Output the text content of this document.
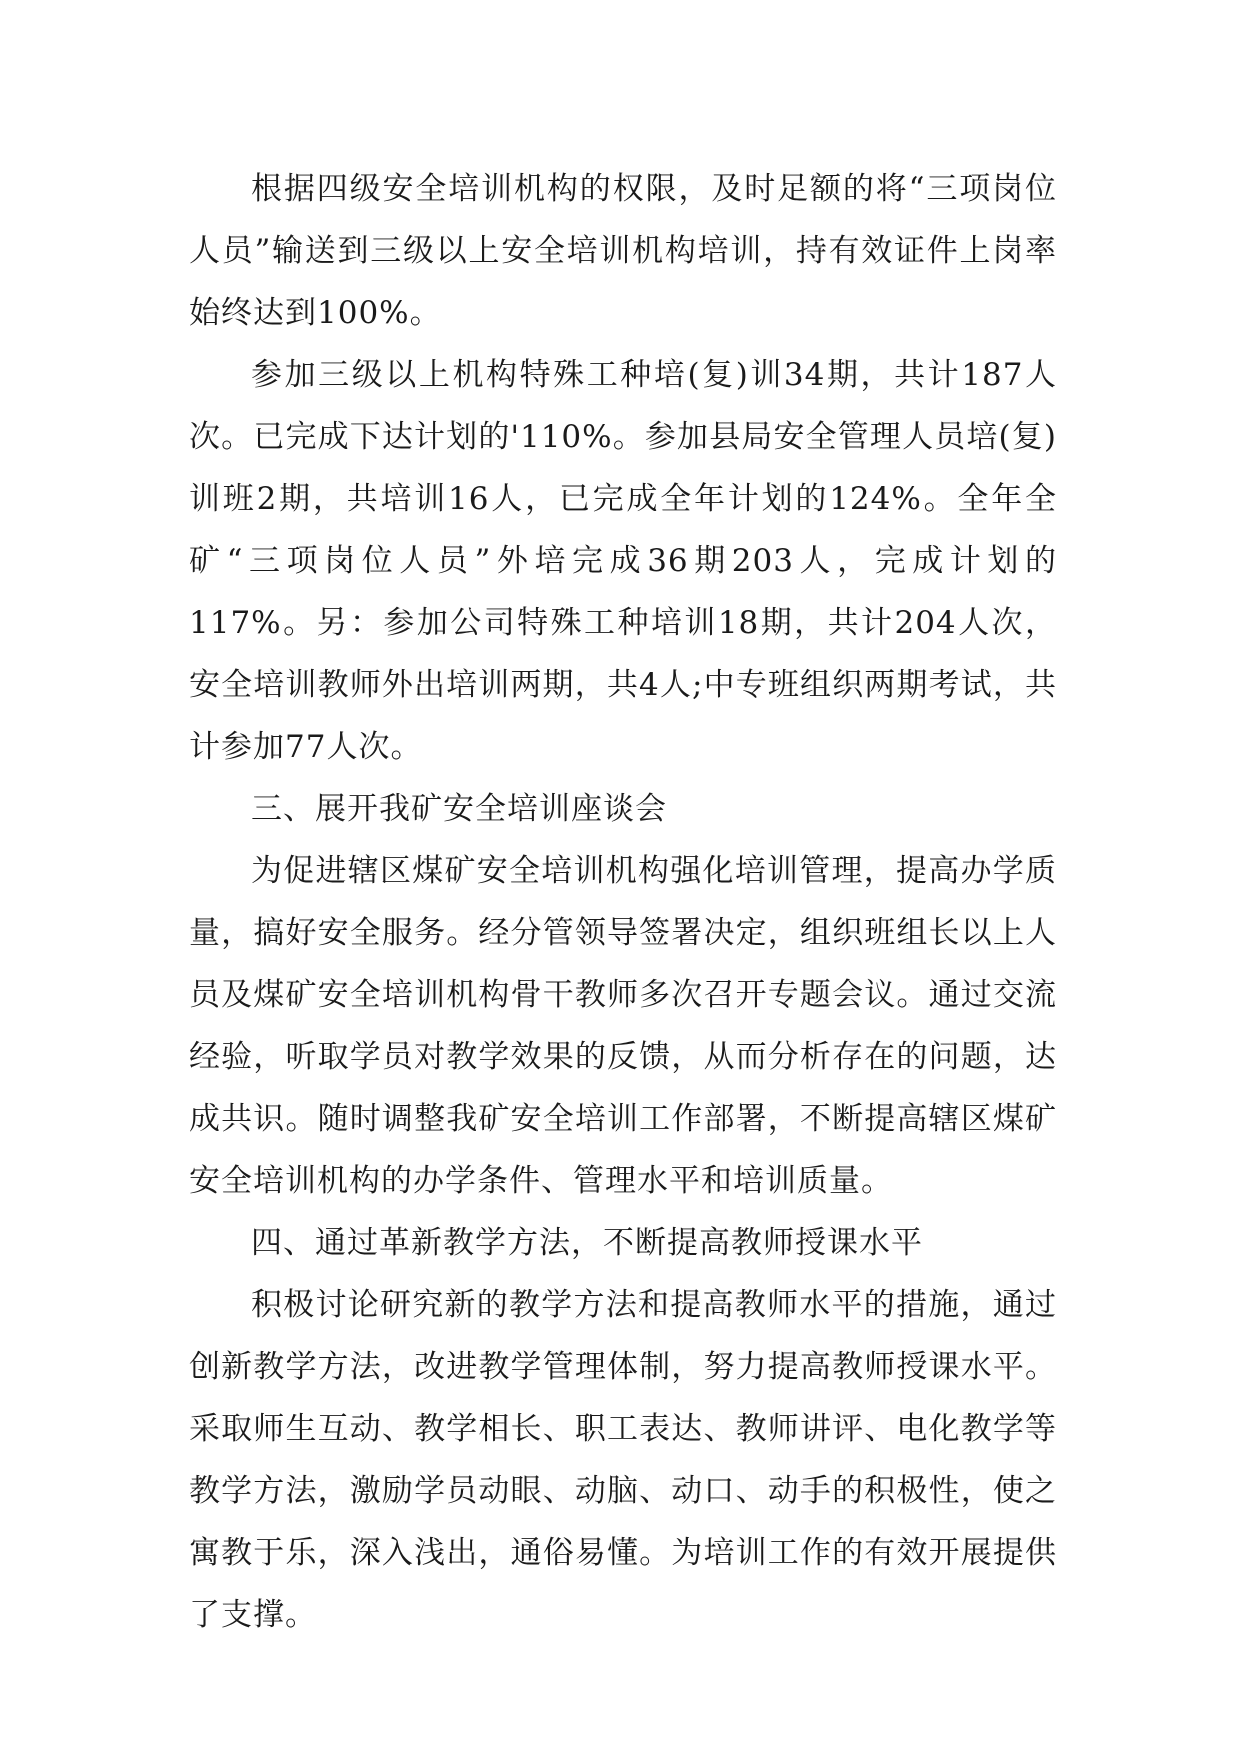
根据四级安全培训机构的权限，及时足额的将“三项岗位人员”输送到三级以上安全培训机构培训，持有效证件上岗率始终达到100%。

参加三级以上机构特殊工种培(复)训34期，共计187人次。已完成下达计划的'110%。参加县局安全管理人员培(复)训班2期，共培训16人，已完成全年计划的124%。全年全矿“三项岗位人员”外培完成36期203人，完成计划的117%。另：参加公司特殊工种培训18期，共计204人次，安全培训教师外出培训两期，共4人;中专班组织两期考试，共计参加77人次。

三、展开我矿安全培训座谈会

为促进辖区煤矿安全培训机构强化培训管理，提高办学质量，搞好安全服务。经分管领导签署决定，组织班组长以上人员及煤矿安全培训机构骨干教师多次召开专题会议。通过交流经验，听取学员对教学效果的反馈，从而分析存在的问题，达成共识。随时调整我矿安全培训工作部署，不断提高辖区煤矿安全培训机构的办学条件、管理水平和培训质量。

四、通过革新教学方法，不断提高教师授课水平

积极讨论研究新的教学方法和提高教师水平的措施，通过创新教学方法，改进教学管理体制，努力提高教师授课水平。采取师生互动、教学相长、职工表达、教师讲评、电化教学等教学方法，激励学员动眼、动脑、动口、动手的积极性，使之寓教于乐，深入浅出，通俗易懂。为培训工作的有效开展提供了支撑。
